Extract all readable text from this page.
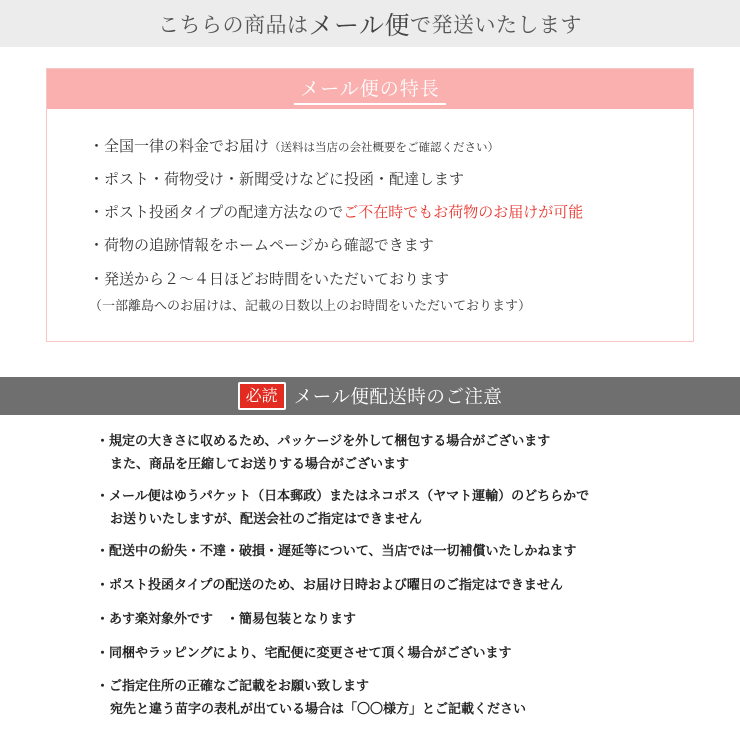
こちらの商品は メール便 で発送いたします
メール便の特長
・全国一律の料金でお届け（送料は当店の会社概要をご確認ください）
・ポスト・荷物受け・新聞受けなどに投函・配達します
・ポスト投函タイプの配達方法なのでご不在時でもお荷物のお届けが可能
・荷物の追跡情報をホームページから確認できます
・発送から２～４日ほどお時間をいただいております
（一部離島へのお届けは、記載の日数以上のお時間をいただいております）
必読 メール便配送時のご注意
・規定の大きさに収めるため、パッケージを外して梱包する場合がございます
また、商品を圧縮してお送りする場合がございます
・メール便はゆうパケット（日本郵政）またはネコポス（ヤマト運輸）のどちらかで
お送りいたしますが、配送会社のご指定はできません
・配送中の紛失・不達・破損・遅延等について、当店では一切補償いたしかねます
・ポスト投函タイプの配送のため、お届け日時および曜日のご指定はできません
・あす楽対象外です　・簡易包装となります
・同梱やラッピングにより、宅配便に変更させて頂く場合がございます
・ご指定住所の正確なご記載をお願い致します
宛先と違う苗字の表札が出ている場合は「〇〇様方」とご記載ください
